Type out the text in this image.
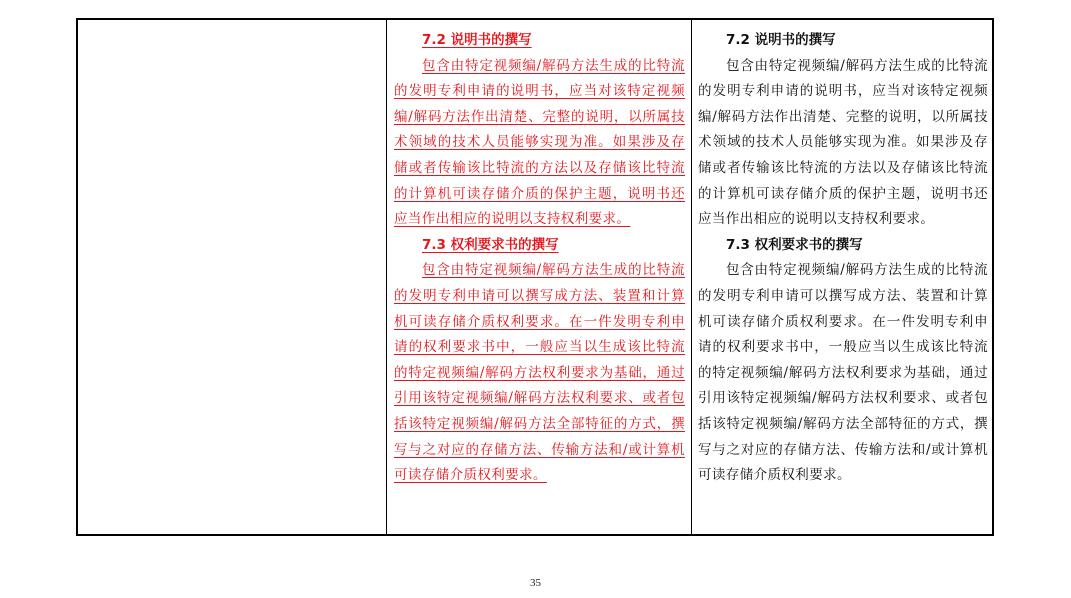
7.2 说明书的撰写

包含由特定视频编/解码方法生成的比特流的发明专利申请的说明书，应当对该特定视频编/解码方法作出清楚、完整的说明，以所属技术领域的技术人员能够实现为准。如果涉及存储或者传输该比特流的方法以及存储该比特流的计算机可读存储介质的保护主题，说明书还应当作出相应的说明以支持权利要求。

7.3 权利要求书的撰写

包含由特定视频编/解码方法生成的比特流的发明专利申请可以撰写成方法、装置和计算机可读存储介质权利要求。在一件发明专利申请的权利要求书中，一般应当以生成该比特流的特定视频编/解码方法权利要求为基础，通过引用该特定视频编/解码方法权利要求、或者包括该特定视频编/解码方法全部特征的方式，撰写与之对应的存储方法、传输方法和/或计算机可读存储介质权利要求。

7.2 说明书的撰写

包含由特定视频编/解码方法生成的比特流的发明专利申请的说明书，应当对该特定视频编/解码方法作出清楚、完整的说明，以所属技术领域的技术人员能够实现为准。如果涉及存储或者传输该比特流的方法以及存储该比特流的计算机可读存储介质的保护主题，说明书还应当作出相应的说明以支持权利要求。

7.3 权利要求书的撰写

包含由特定视频编/解码方法生成的比特流的发明专利申请可以撰写成方法、装置和计算机可读存储介质权利要求。在一件发明专利申请的权利要求书中，一般应当以生成该比特流的特定视频编/解码方法权利要求为基础，通过引用该特定视频编/解码方法权利要求、或者包括该特定视频编/解码方法全部特征的方式，撰写与之对应的存储方法、传输方法和/或计算机可读存储介质权利要求。

35
